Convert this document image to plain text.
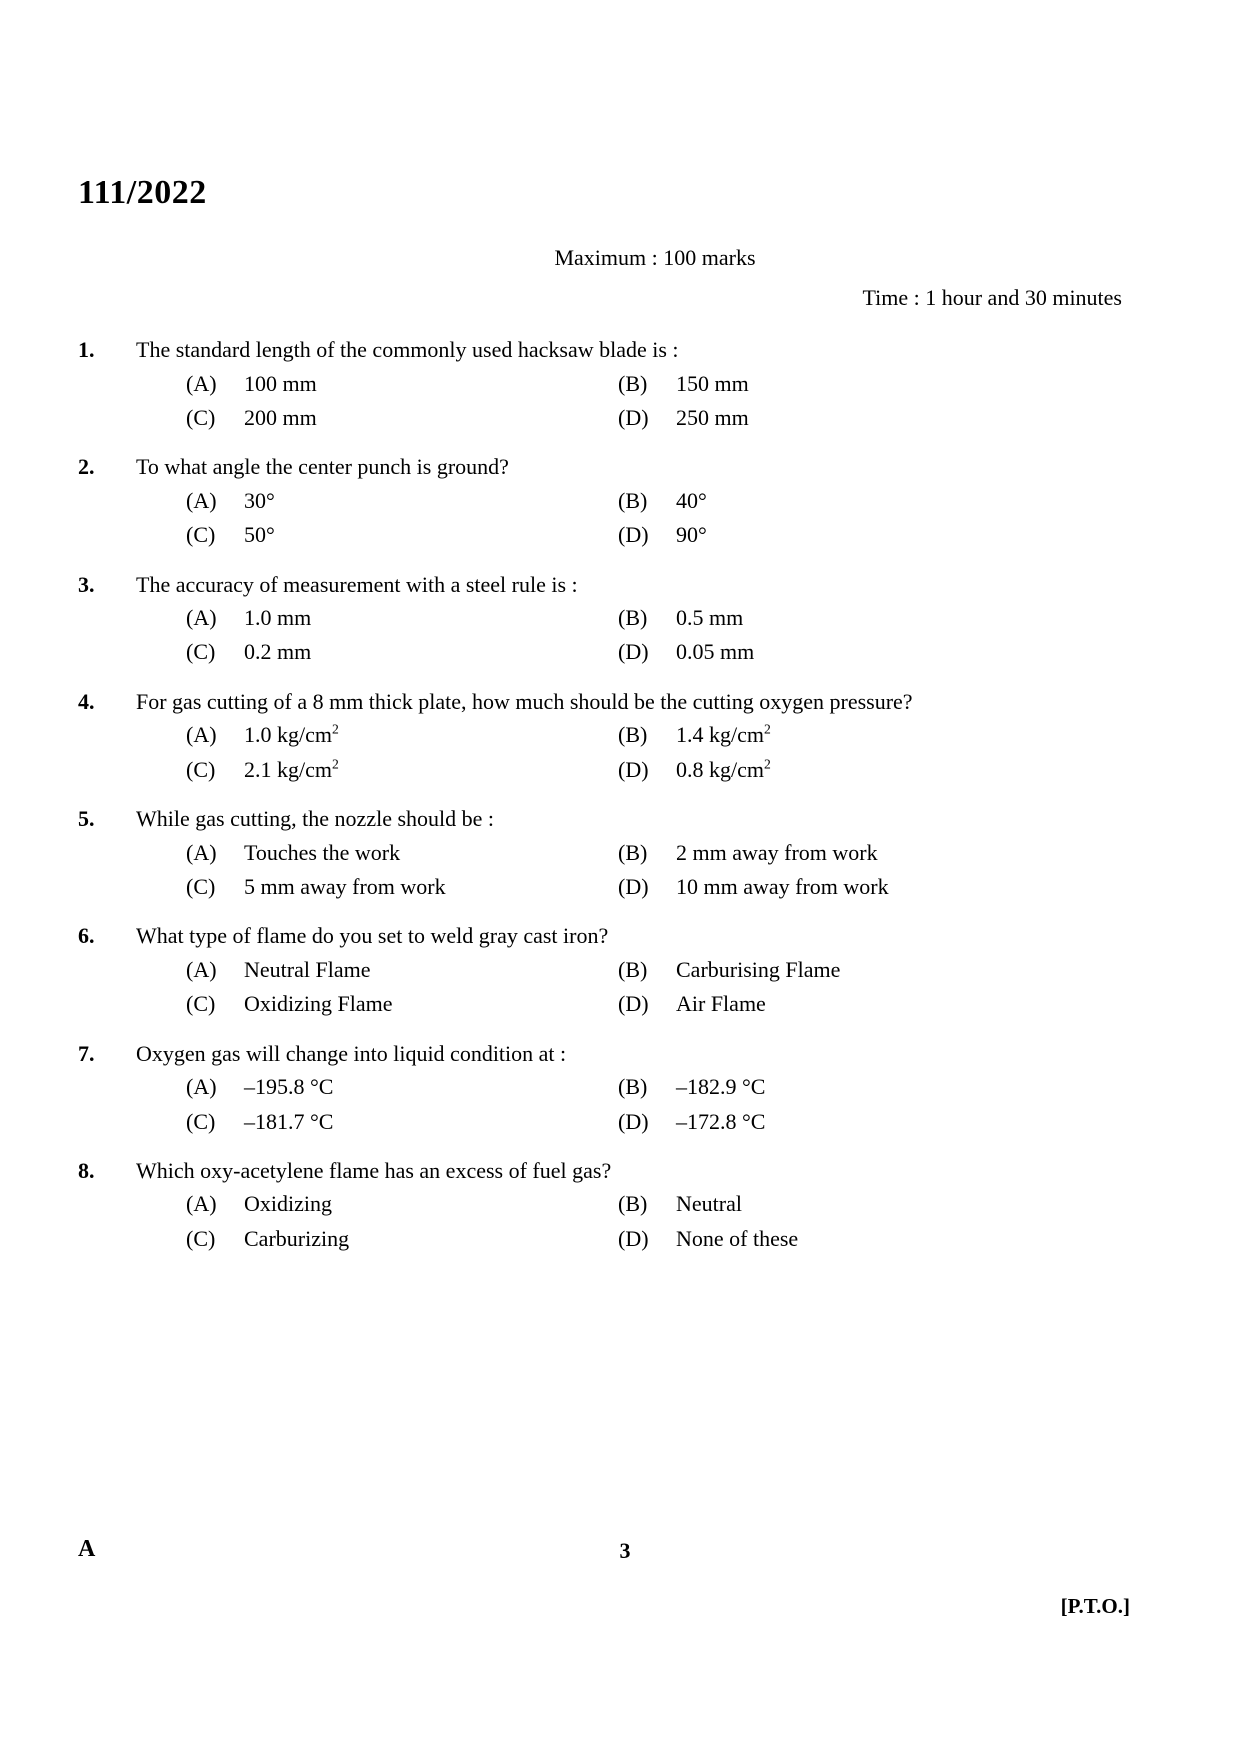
111/2022
Maximum : 100 marks
Time : 1 hour and 30 minutes
1.	The standard length of the commonly used hacksaw blade is :
(A)	100 mm	(B)	150 mm
(C)	200 mm	(D)	250 mm
2.	To what angle the center punch is ground?
(A)	30°	(B)	40°
(C)	50°	(D)	90°
3.	The accuracy of measurement with a steel rule is :
(A)	1.0 mm	(B)	0.5 mm
(C)	0.2 mm	(D)	0.05 mm
4.	For gas cutting of a 8 mm thick plate, how much should be the cutting oxygen pressure?
(A)	1.0 $kg/cm^2$	(B)	1.4 $kg/cm^2$
(C)	2.1 $kg/cm^2$	(D)	0.8 $kg/cm^2$
5.	While gas cutting, the nozzle should be :
(A)	Touches the work	(B)	2 mm away from work
(C)	5 mm away from work	(D)	10 mm away from work
6.	What type of flame do you set to weld gray cast iron?
(A)	Neutral Flame	(B)	Carburising Flame
(C)	Oxidizing Flame	(D)	Air Flame
7.	Oxygen gas will change into liquid condition at :
(A)	–195.8 °C	(B)	–182.9 °C
(C)	–181.7 °C	(D)	–172.8 °C
8.	Which oxy-acetylene flame has an excess of fuel gas?
(A)	Oxidizing	(B)	Neutral
(C)	Carburizing	(D)	None of these
A	3
[P.T.O.]
